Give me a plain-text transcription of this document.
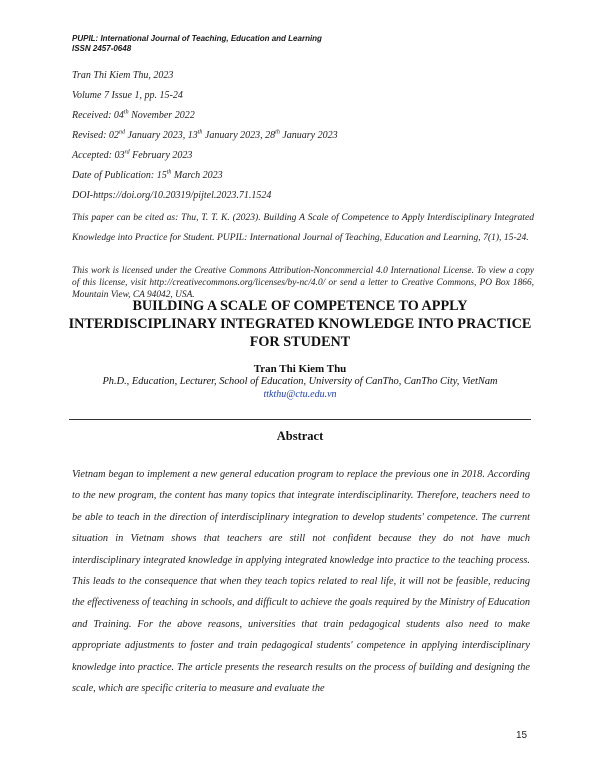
PUPIL: International Journal of Teaching, Education and Learning
ISSN 2457-0648
Tran Thi Kiem Thu, 2023
Volume 7 Issue 1, pp. 15-24
Received: 04th November 2022
Revised: 02nd January 2023, 13th January 2023, 28th January 2023
Accepted: 03rd February 2023
Date of Publication: 15th March 2023
DOI-https://doi.org/10.20319/pijtel.2023.71.1524
This paper can be cited as: Thu, T. T. K. (2023). Building A Scale of Competence to Apply Interdisciplinary Integrated Knowledge into Practice for Student. PUPIL: International Journal of Teaching, Education and Learning, 7(1), 15-24.
This work is licensed under the Creative Commons Attribution-Noncommercial 4.0 International License. To view a copy of this license, visit http://creativecommons.org/licenses/by-nc/4.0/ or send a letter to Creative Commons, PO Box 1866, Mountain View, CA 94042, USA.
BUILDING A SCALE OF COMPETENCE TO APPLY INTERDISCIPLINARY INTEGRATED KNOWLEDGE INTO PRACTICE FOR STUDENT
Tran Thi Kiem Thu
Ph.D., Education, Lecturer, School of Education, University of CanTho, CanTho City, VietNam
ttkthu@ctu.edu.vn
Abstract

Vietnam began to implement a new general education program to replace the previous one in 2018. According to the new program, the content has many topics that integrate interdisciplinarity. Therefore, teachers need to be able to teach in the direction of interdisciplinary integration to develop students' competence. The current situation in Vietnam shows that teachers are still not confident because they do not have much interdisciplinary integrated knowledge in applying integrated knowledge into practice to the teaching process. This leads to the consequence that when they teach topics related to real life, it will not be feasible, reducing the effectiveness of teaching in schools, and difficult to achieve the goals required by the Ministry of Education and Training. For the above reasons, universities that train pedagogical students also need to make appropriate adjustments to foster and train pedagogical students' competence in applying interdisciplinary knowledge into practice. The article presents the research results on the process of building and designing the scale, which are specific criteria to measure and evaluate the

15
